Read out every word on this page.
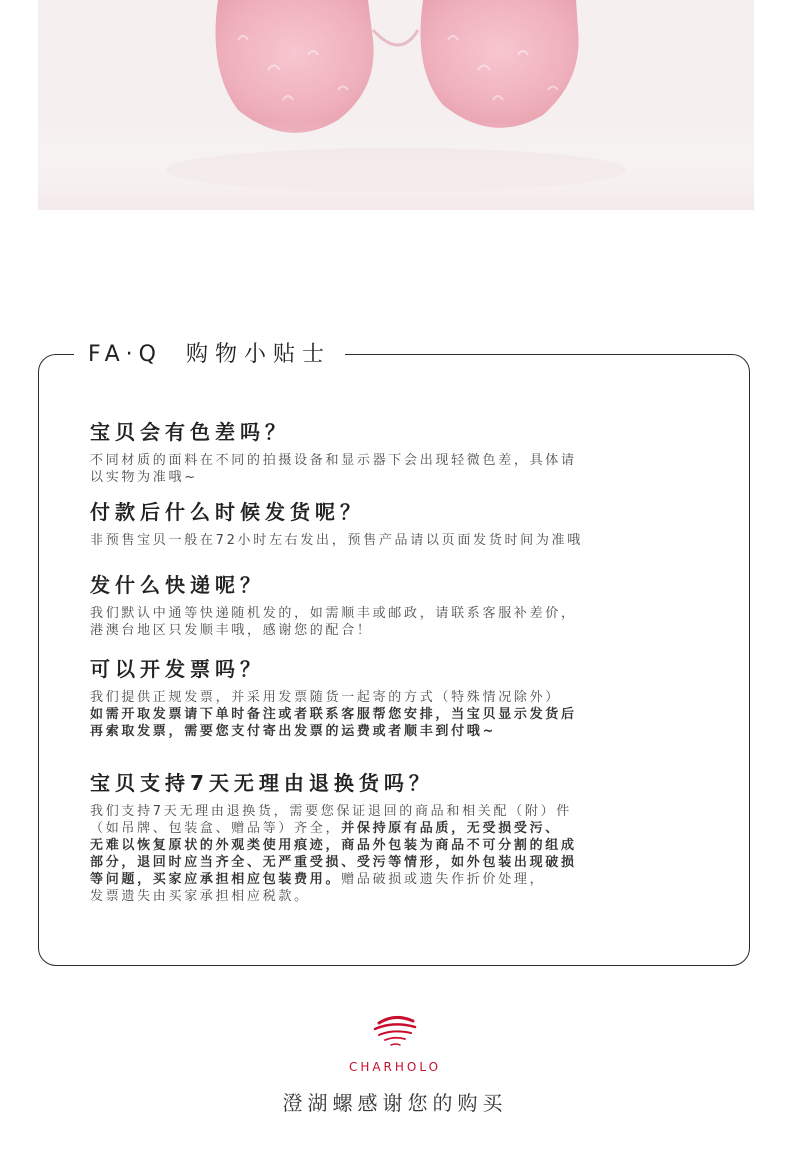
FA·Q 购物小贴士
宝贝会有色差吗？

不同材质的面料在不同的拍摄设备和显示器下会出现轻微色差，具体请

以实物为准哦~

付款后什么时候发货呢？

非预售宝贝一般在72小时左右发出，预售产品请以页面发货时间为准哦

发什么快递呢？

我们默认中通等快递随机发的，如需顺丰或邮政，请联系客服补差价，

港澳台地区只发顺丰哦，感谢您的配合！

可以开发票吗？

我们提供正规发票，并采用发票随货一起寄的方式（特殊情况除外）

如需开取发票请下单时备注或者联系客服帮您安排，当宝贝显示发货后

再索取发票，需要您支付寄出发票的运费或者顺丰到付哦~

宝贝支持7天无理由退换货吗？

我们支持7天无理由退换货，需要您保证退回的商品和相关配（附）件

（如吊牌、包装盒、赠品等）齐全，并保持原有品质，无受损受污、

无难以恢复原状的外观类使用痕迹，商品外包装为商品不可分割的组成

部分，退回时应当齐全、无严重受损、受污等情形，如外包装出现破损

等问题，买家应承担相应包装费用。赠品破损或遗失作折价处理，

发票遗失由买家承担相应税款。

CHARHOLO
澄湖螺感谢您的购买
